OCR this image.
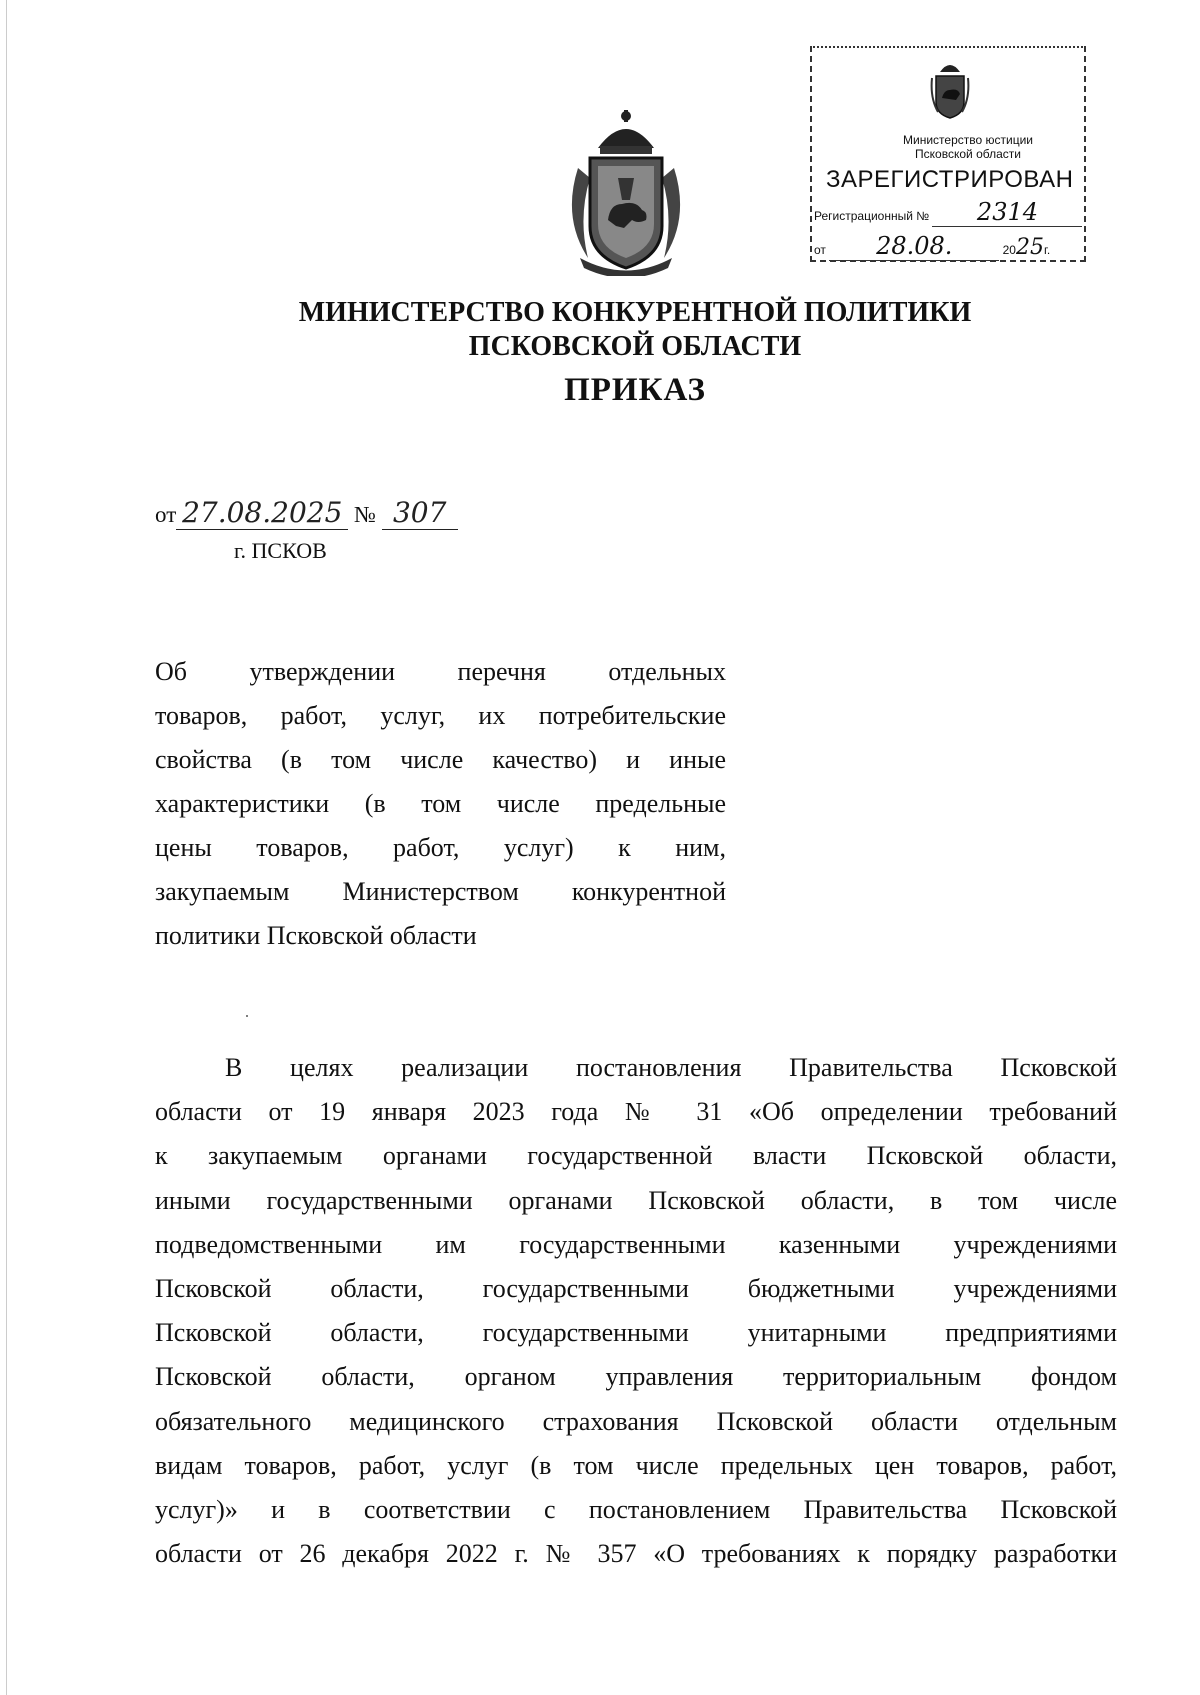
Министерство юстиции
Псковской области
ЗАРЕГИСТРИРОВАН
Регистрационный № 2314
от 28.08.	2025г.
МИНИСТЕРСТВО КОНКУРЕНТНОЙ ПОЛИТИКИ
ПСКОВСКОЙ ОБЛАСТИ
ПРИКАЗ
от 27.08.2025 № 307
г. ПСКОВ
Об утверждении перечня отдельных
товаров, работ, услуг, их потребительские
свойства (в том числе качество) и иные
характеристики (в том числе предельные
цены товаров, работ, услуг) к ним,
закупаемым Министерством конкурентной
политики Псковской области
В целях реализации постановления Правительства Псковской
области от 19 января 2023 года № 31 «Об определении требований
к закупаемым органами государственной власти Псковской области,
иными государственными органами Псковской области, в том числе
подведомственными им государственными казенными учреждениями
Псковской области, государственными бюджетными учреждениями
Псковской области, государственными унитарными предприятиями
Псковской области, органом управления территориальным фондом
обязательного медицинского страхования Псковской области отдельным
видам товаров, работ, услуг (в том числе предельных цен товаров, работ,
услуг)» и в соответствии с постановлением Правительства Псковской
области от 26 декабря 2022 г. № 357 «О требованиях к порядку разработки
